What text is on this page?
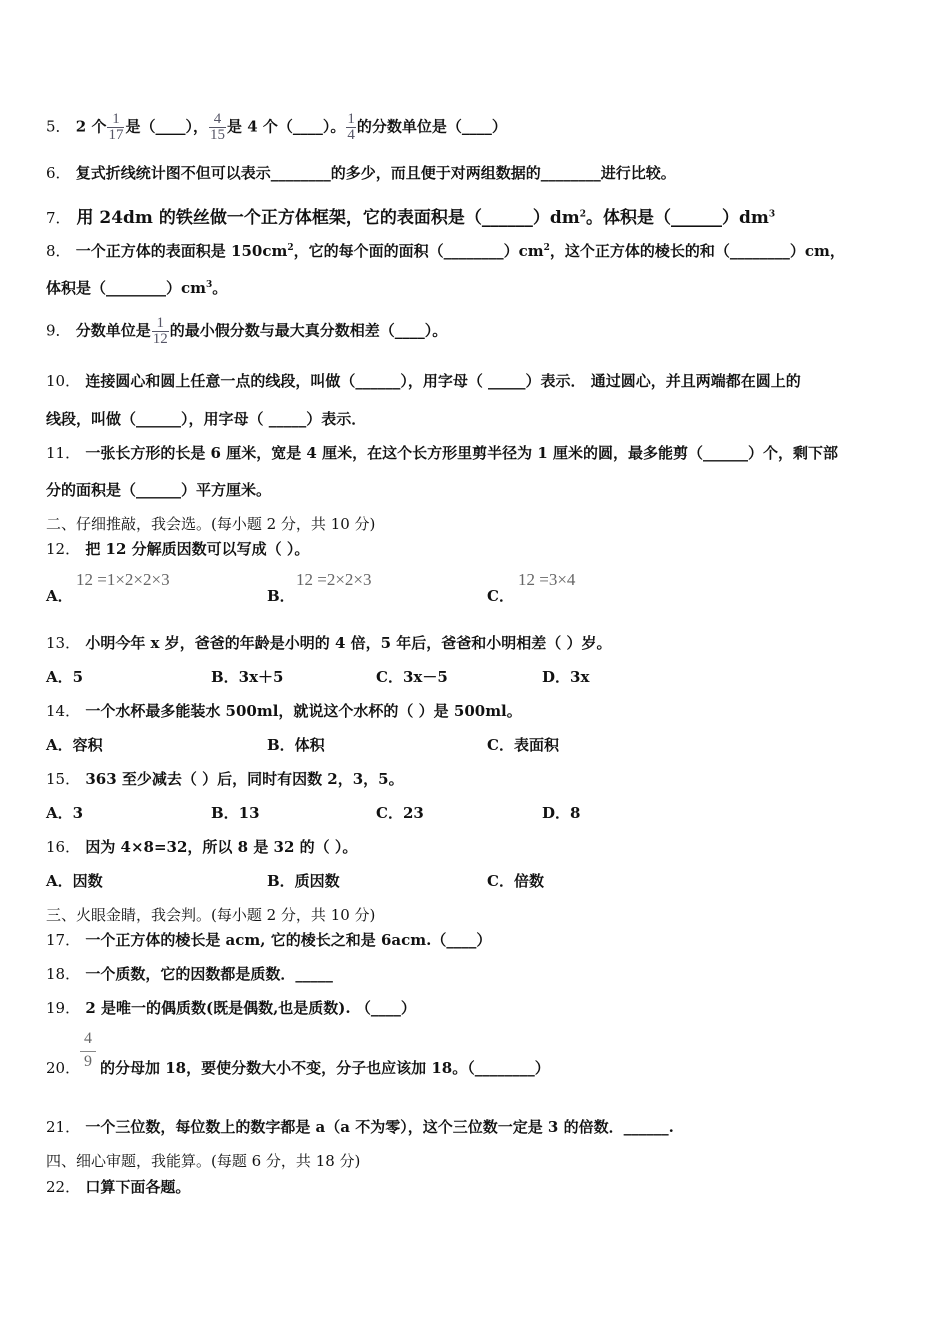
5． 2 个 $\frac{1}{17}$ 是（____）， $\frac{4}{15}$ 是 4 个（____）。 $\frac{1}{4}$ 的分数单位是（____）
6． 复式折线统计图不但可以表示________的多少，而且便于对两组数据的________进行比较。
7． 用 24dm 的铁丝做一个正方体框架，它的表面积是$(\_\_\_\_\_\_)dm^2$。体积是$(\_\_\_\_\_\_)dm^3$
8． 一个正方体的表面积是 $150cm^2$，它的每个面的面积$(\_\_\_\_\_\_\_\_)cm^2$，这个正方体的棱长的和（________）cm，
体积是$(\_\_\_\_\_\_\_\_)cm^3$。
9． 分数单位是 $\frac{1}{12}$ 的最小假分数与最大真分数相差（____）。
10． 连接圆心和圆上任意一点的线段，叫做（______），用字母（ _____）表示． 通过圆心，并且两端都在圆上的
线段，叫做（______），用字母（ _____）表示．
11． 一张长方形的长是 6 厘米，宽是 4 厘米，在这个长方形里剪半径为 1 厘米的圆，最多能剪（______）个，剩下部
分的面积是（______）平方厘米。
二、仔细推敲，我会选。(每小题 2 分，共 10 分)
12． 把 12 分解质因数可以写成（ ）。
A．
12 =1×2×2×3
B．
12 =2×2×3
C．
12 =3×4
13． 小明今年 x 岁，爸爸的年龄是小明的 4 倍，5 年后，爸爸和小明相差（ ）岁。
A．5	B．3x＋5	C．3x－5	D．3x
14． 一个水杯最多能装水 500ml，就说这个水杯的（ ）是 500ml。
A．容积	B．体积	C．表面积
15． 363 至少减去（ ）后，同时有因数 2，3，5。
A．3	B．13	C．23	D．8
16． 因为 4×8=32，所以 8 是 32 的（ ）。
A．因数	B．质因数	C．倍数
三、火眼金睛，我会判。(每小题 2 分，共 10 分)
17． 一个正方体的棱长是 acm, 它的棱长之和是 6acm.（____）
18． 一个质数，它的因数都是质数．_____
19． 2 是唯一的偶质数(既是偶数,也是质数). （____）
20． $\frac{4}{9}$ 的分母加 18，要使分数大小不变，分子也应该加 18。（________）
21． 一个三位数，每位数上的数字都是 a（a 不为零），这个三位数一定是 3 的倍数．______.
四、细心审题，我能算。(每题 6 分，共 18 分)
22． 口算下面各题。
